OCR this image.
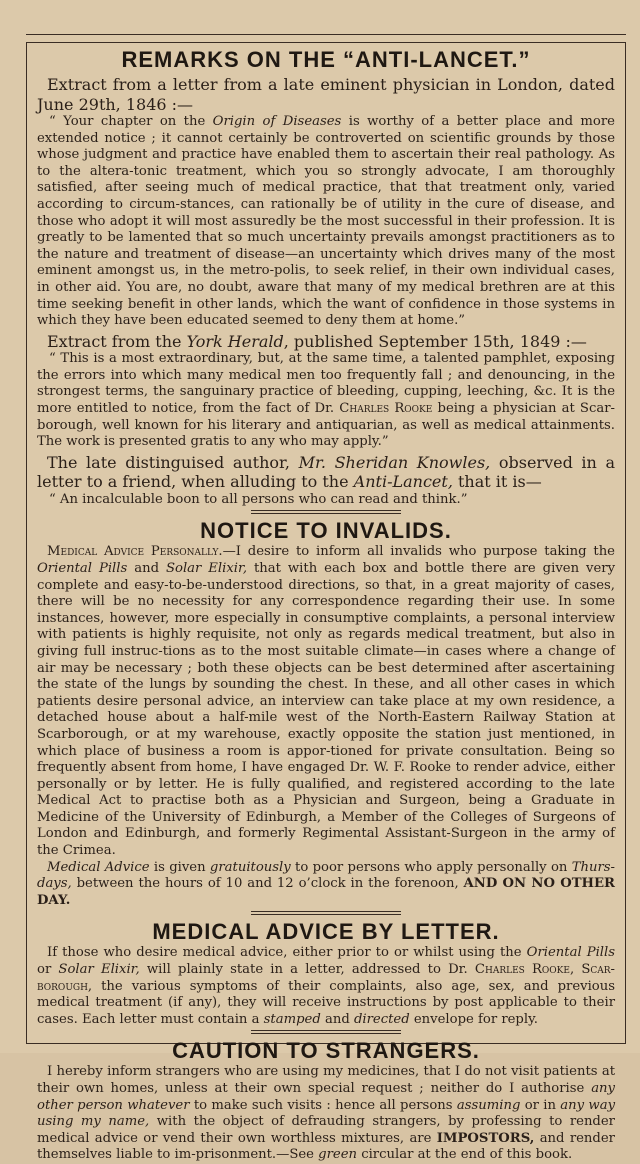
REMARKS ON THE “ANTI-LANCET.”

Extract from a letter from a late eminent physician in London, dated June 29th, 1846 :—

“ Your chapter on the Origin of Diseases is worthy of a better place and more extended notice ; it cannot certainly be controverted on scientific grounds by those whose judgment and practice have enabled them to ascertain their real pathology. As to the altera-tonic treatment, which you so strongly advocate, I am thoroughly satisfied, after seeing much of medical practice, that that treatment only, varied according to circum-stances, can rationally be of utility in the cure of disease, and those who adopt it will most assuredly be the most successful in their profession. It is greatly to be lamented that so much uncertainty prevails amongst practitioners as to the nature and treatment of disease—an uncertainty which drives many of the most eminent amongst us, in the metro-polis, to seek relief, in their own individual cases, in other aid. You are, no doubt, aware that many of my medical brethren are at this time seeking benefit in other lands, which the want of confidence in those systems in which they have been educated seemed to deny them at home.”

Extract from the York Herald, published September 15th, 1849 :—

“ This is a most extraordinary, but, at the same time, a talented pamphlet, exposing the errors into which many medical men too frequently fall ; and denouncing, in the strongest terms, the sanguinary practice of bleeding, cupping, leeching, &c. It is the more entitled to notice, from the fact of Dr. Charles Rooke being a physician at Scar-borough, well known for his literary and antiquarian, as well as medical attainments. The work is presented gratis to any who may apply.”

The late distinguised author, Mr. Sheridan Knowles, observed in a letter to a friend, when alluding to the Anti-Lancet, that it is—

“ An incalculable boon to all persons who can read and think.”

NOTICE TO INVALIDS.

Medical Advice Personally.—I desire to inform all invalids who purpose taking the Oriental Pills and Solar Elixir, that with each box and bottle there are given very complete and easy-to-be-understood directions, so that, in a great majority of cases, there will be no necessity for any correspondence regarding their use. In some instances, however, more especially in consumptive complaints, a personal interview with patients is highly requisite, not only as regards medical treatment, but also in giving full instruc-tions as to the most suitable climate—in cases where a change of air may be necessary ; both these objects can be best determined after ascertaining the state of the lungs by sounding the chest. In these, and all other cases in which patients desire personal advice, an interview can take place at my own residence, a detached house about a half-mile west of the North-Eastern Railway Station at Scarborough, or at my warehouse, exactly opposite the station just mentioned, in which place of business a room is appor-tioned for private consultation. Being so frequently absent from home, I have engaged Dr. W. F. Rooke to render advice, either personally or by letter. He is fully qualified, and registered according to the late Medical Act to practise both as a Physician and Surgeon, being a Graduate in Medicine of the University of Edinburgh, a Member of the Colleges of Surgeons of London and Edinburgh, and formerly Regimental Assistant-Surgeon in the army of the Crimea.

Medical Advice is given gratuitously to poor persons who apply personally on Thurs-days, between the hours of 10 and 12 o’clock in the forenoon, AND ON NO OTHER DAY.

MEDICAL ADVICE BY LETTER.

If those who desire medical advice, either prior to or whilst using the Oriental Pills or Solar Elixir, will plainly state in a letter, addressed to Dr. Charles Rooke, Scar-borough, the various symptoms of their complaints, also age, sex, and previous medical treatment (if any), they will receive instructions by post applicable to their cases. Each letter must contain a stamped and directed envelope for reply.

CAUTION TO STRANGERS.

I hereby inform strangers who are using my medicines, that I do not visit patients at their own homes, unless at their own special request ; neither do I authorise any other person whatever to make such visits : hence all persons assuming or in any way using my name, with the object of defrauding strangers, by professing to render medical advice or vend their own worthless mixtures, are IMPOSTORS, and render themselves liable to im-prisonment.—See green circular at the end of this book.
